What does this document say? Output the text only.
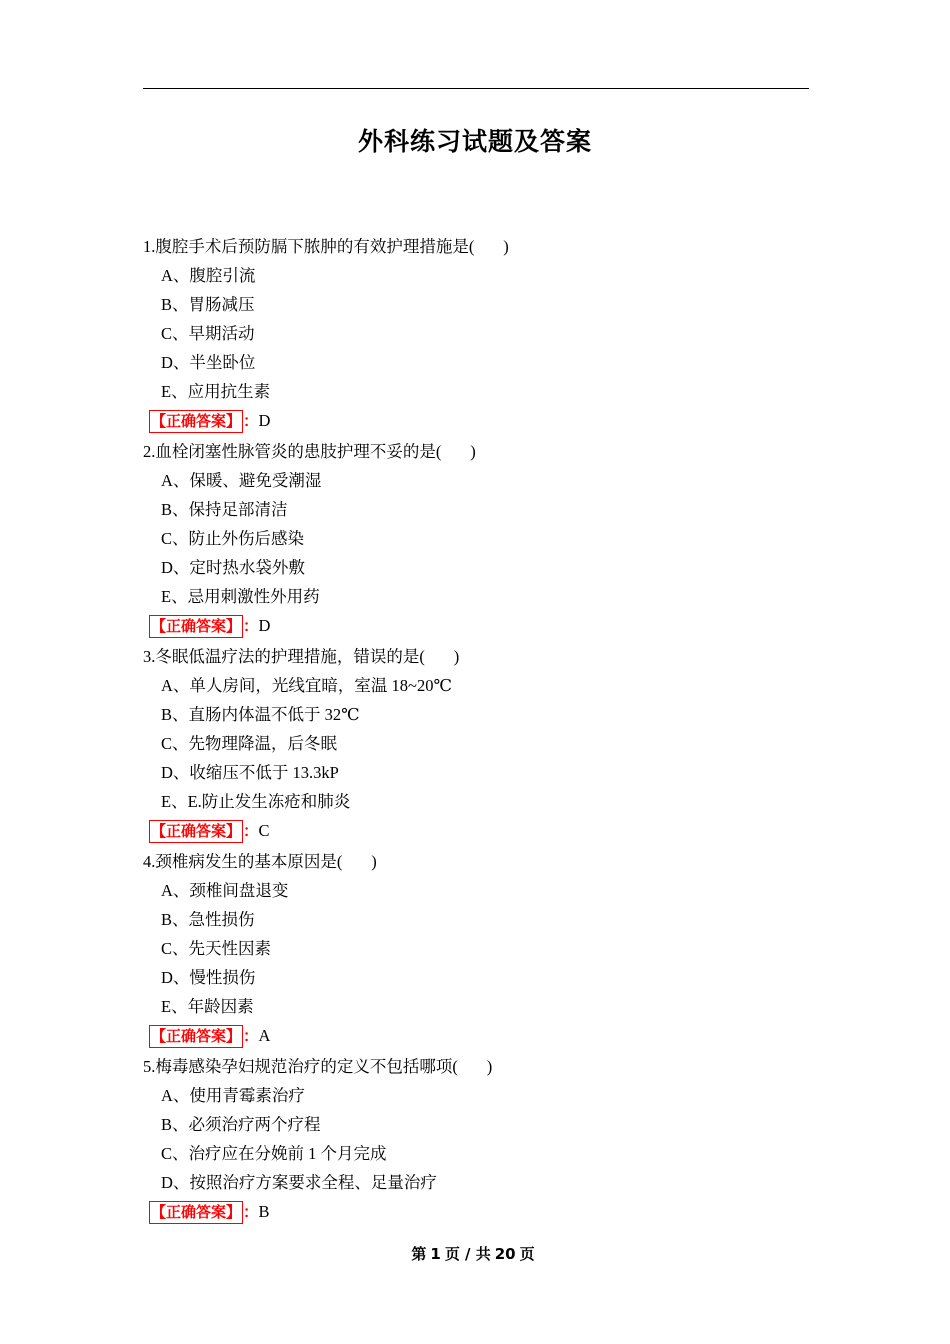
外科练习试题及答案
1.腹腔手术后预防膈下脓肿的有效护理措施是(       )
A、腹腔引流
B、胃肠减压
C、早期活动
D、半坐卧位
E、应用抗生素
【正确答案】 ：D
2.血栓闭塞性脉管炎的患肢护理不妥的是(       )
A、保暖、避免受潮湿
B、保持足部清洁
C、防止外伤后感染
D、定时热水袋外敷
E、忌用刺激性外用药
【正确答案】 ：D
3.冬眠低温疗法的护理措施，错误的是(       )
A、单人房间，光线宜暗，室温 18~20℃
B、直肠内体温不低于 32℃
C、先物理降温，后冬眠
D、收缩压不低于 13.3kP
E、E.防止发生冻疮和肺炎
【正确答案】 ：C
4.颈椎病发生的基本原因是(       )
A、颈椎间盘退变
B、急性损伤
C、先天性因素
D、慢性损伤
E、年龄因素
【正确答案】 ：A
5.梅毒感染孕妇规范治疗的定义不包括哪项(       )
A、使用青霉素治疗
B、必须治疗两个疗程
C、治疗应在分娩前 1 个月完成
D、按照治疗方案要求全程、足量治疗
【正确答案】 ：B
第 1 页 / 共 20 页
